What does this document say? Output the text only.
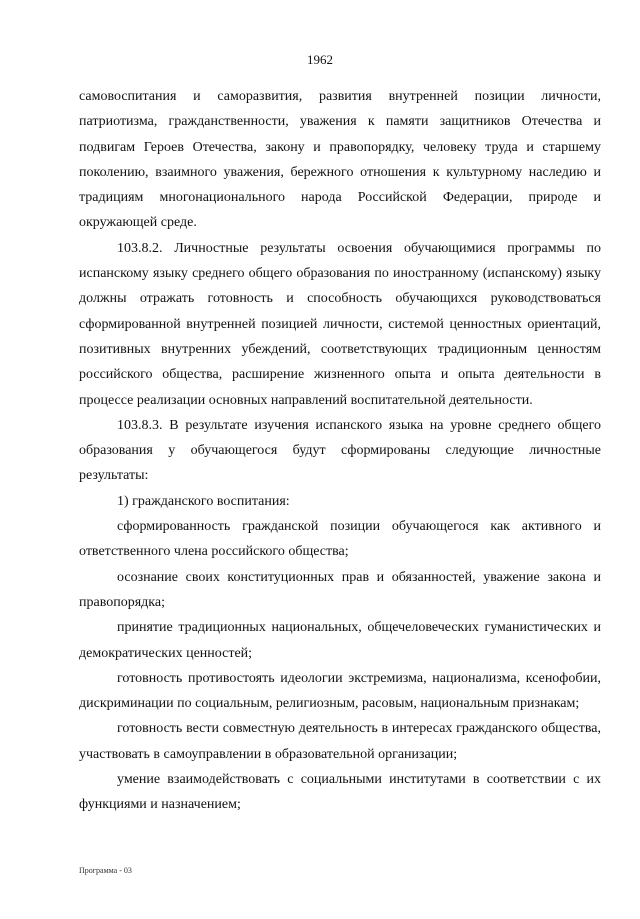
1962

самовоспитания и саморазвития, развития внутренней позиции личности, патриотизма, гражданственности, уважения к памяти защитников Отечества и подвигам Героев Отечества, закону и правопорядку, человеку труда и старшему поколению, взаимного уважения, бережного отношения к культурному наследию и традициям многонационального народа Российской Федерации, природе и окружающей среде.

103.8.2. Личностные результаты освоения обучающимися программы по испанскому языку среднего общего образования по иностранному (испанскому) языку должны отражать готовность и способность обучающихся руководствоваться сформированной внутренней позицией личности, системой ценностных ориентаций, позитивных внутренних убеждений, соответствующих традиционным ценностям российского общества, расширение жизненного опыта и опыта деятельности в процессе реализации основных направлений воспитательной деятельности.

103.8.3. В результате изучения испанского языка на уровне среднего общего образования у обучающегося будут сформированы следующие личностные результаты:

1) гражданского воспитания:

сформированность гражданской позиции обучающегося как активного и ответственного члена российского общества;

осознание своих конституционных прав и обязанностей, уважение закона и правопорядка;

принятие традиционных национальных, общечеловеческих гуманистических и демократических ценностей;

готовность противостоять идеологии экстремизма, национализма, ксенофобии, дискриминации по социальным, религиозным, расовым, национальным признакам;

готовность вести совместную деятельность в интересах гражданского общества, участвовать в самоуправлении в образовательной организации;

умение взаимодействовать с социальными институтами в соответствии с их функциями и назначением;

Программа - 03
